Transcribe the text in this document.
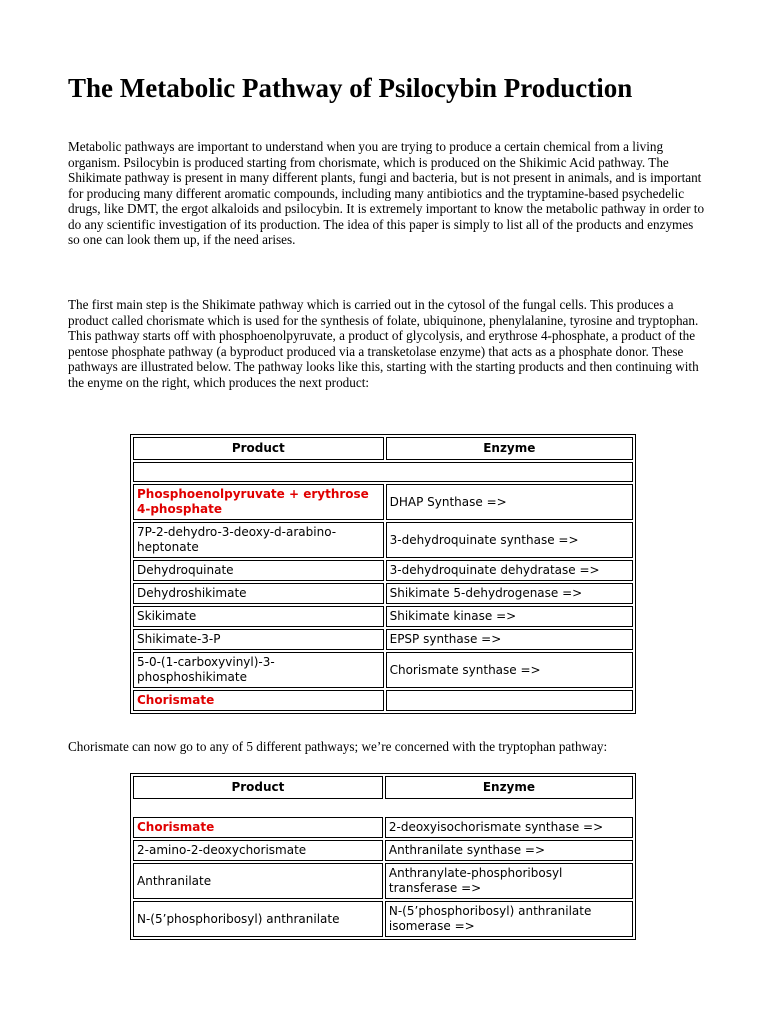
The Metabolic Pathway of Psilocybin Production

Metabolic pathways are important to understand when you are trying to produce a certain chemical from a living organism. Psilocybin is produced starting from chorismate, which is produced on the Shikimic Acid pathway. The Shikimate pathway is present in many different plants, fungi and bacteria, but is not present in animals, and is important for producing many different aromatic compounds, including many antibiotics and the tryptamine-based psychedelic drugs, like DMT, the ergot alkaloids and psilocybin. It is extremely important to know the metabolic pathway in order to do any scientific investigation of its production. The idea of this paper is simply to list all of the products and enzymes so one can look them up, if the need arises.

The first main step is the Shikimate pathway which is carried out in the cytosol of the fungal cells. This produces a product called chorismate which is used for the synthesis of folate, ubiquinone, phenylalanine, tyrosine and tryptophan. This pathway starts off with phosphoenolpyruvate, a product of glycolysis, and erythrose 4-phosphate, a product of the pentose phosphate pathway (a byproduct produced via a transketolase enzyme) that acts as a phosphate donor. These pathways are illustrated below. The pathway looks like this, starting with the starting products and then continuing with the enyme on the right, which produces the next product:

Product	Enzyme

Phosphoenolpyruvate + erythrose 4-phosphate	DHAP Synthase =>
7P-2-dehydro-3-deoxy-d-arabino-heptonate	3-dehydroquinate synthase =>
Dehydroquinate	3-dehydroquinate dehydratase =>
Dehydroshikimate	Shikimate 5-dehydrogenase =>
Skikimate	Shikimate kinase =>
Shikimate-3-P	EPSP synthase =>
5-0-(1-carboxyvinyl)-3-phosphoshikimate	Chorismate synthase =>
Chorismate	

Chorismate can now go to any of 5 different pathways; we’re concerned with the tryptophan pathway:

Product	Enzyme

Chorismate	2-deoxyisochorismate synthase =>
2-amino-2-deoxychorismate	Anthranilate synthase =>
Anthranilate	Anthranylate-phosphoribosyl transferase =>
N-(5’phosphoribosyl) anthranilate	N-(5’phosphoribosyl) anthranilate isomerase =>
